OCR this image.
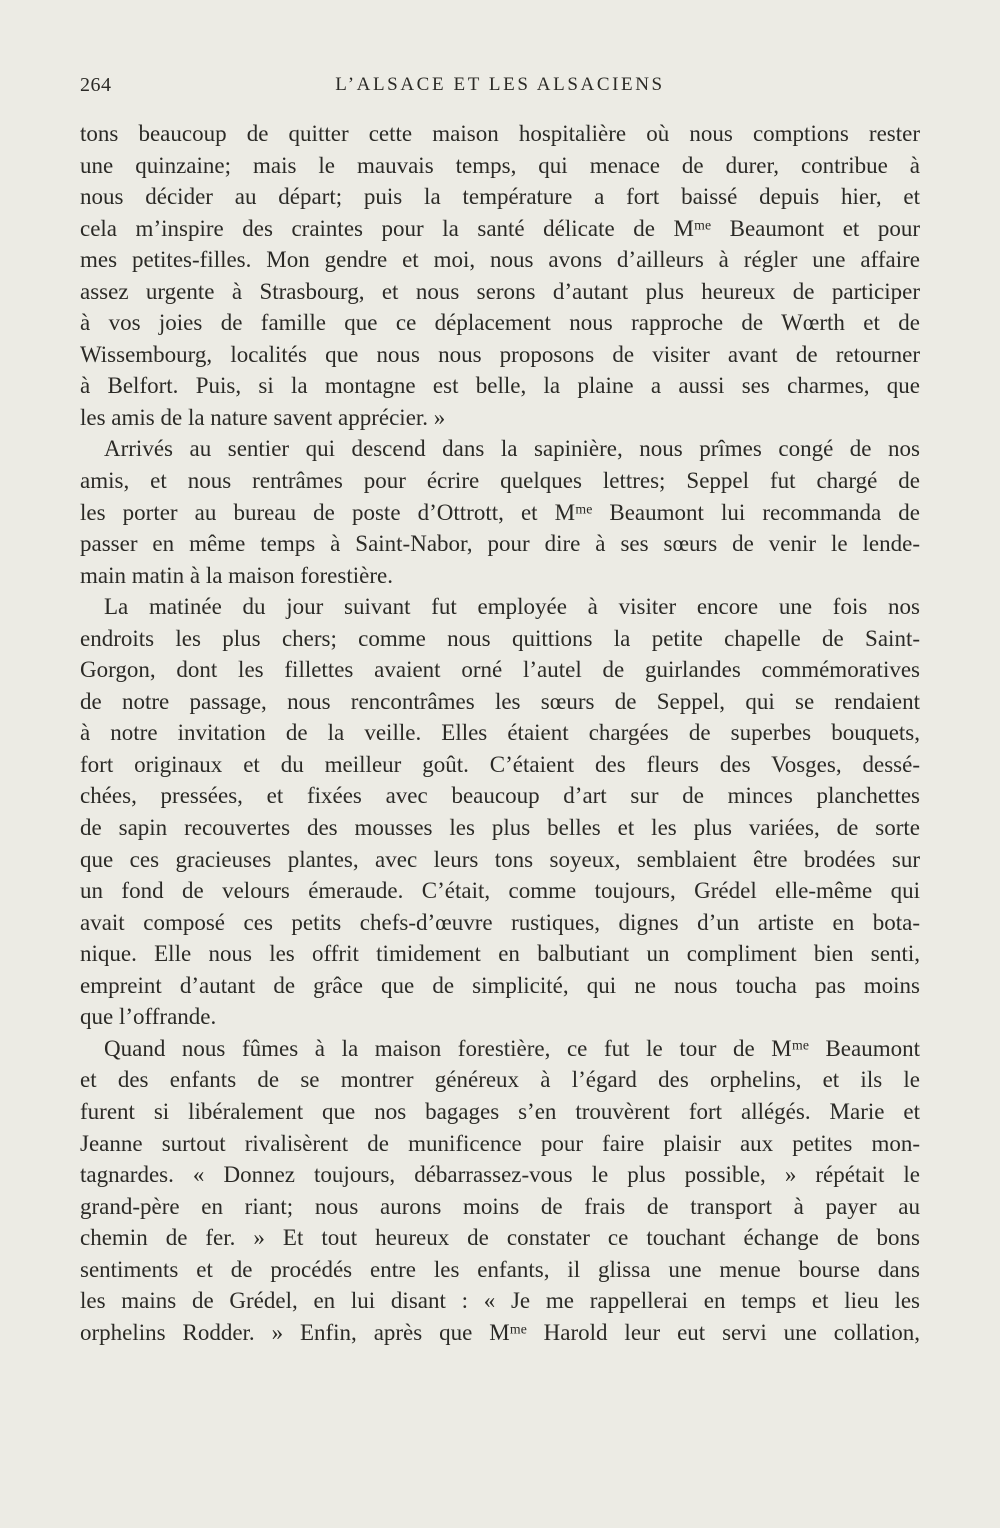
264	L’ALSACE ET LES ALSACIENS
tons beaucoup de quitter cette maison hospitalière où nous comptions rester
une quinzaine; mais le mauvais temps, qui menace de durer, contribue à
nous décider au départ; puis la température a fort baissé depuis hier, et
cela m’inspire des craintes pour la santé délicate de Mᵐᵉ Beaumont et pour
mes petites-filles. Mon gendre et moi, nous avons d’ailleurs à régler une affaire
assez urgente à Strasbourg, et nous serons d’autant plus heureux de participer
à vos joies de famille que ce déplacement nous rapproche de Wœrth et de
Wissembourg, localités que nous nous proposons de visiter avant de retourner
à Belfort. Puis, si la montagne est belle, la plaine a aussi ses charmes, que
les amis de la nature savent apprécier. »
Arrivés au sentier qui descend dans la sapinière, nous prîmes congé de nos
amis, et nous rentrâmes pour écrire quelques lettres; Seppel fut chargé de
les porter au bureau de poste d’Ottrott, et Mᵐᵉ Beaumont lui recommanda de
passer en même temps à Saint-Nabor, pour dire à ses sœurs de venir le lende-
main matin à la maison forestière.
La matinée du jour suivant fut employée à visiter encore une fois nos
endroits les plus chers; comme nous quittions la petite chapelle de Saint-
Gorgon, dont les fillettes avaient orné l’autel de guirlandes commémoratives
de notre passage, nous rencontrâmes les sœurs de Seppel, qui se rendaient
à notre invitation de la veille. Elles étaient chargées de superbes bouquets,
fort originaux et du meilleur goût. C’étaient des fleurs des Vosges, dessé-
chées, pressées, et fixées avec beaucoup d’art sur de minces planchettes
de sapin recouvertes des mousses les plus belles et les plus variées, de sorte
que ces gracieuses plantes, avec leurs tons soyeux, semblaient être brodées sur
un fond de velours émeraude. C’était, comme toujours, Grédel elle-même qui
avait composé ces petits chefs-d’œuvre rustiques, dignes d’un artiste en bota-
nique. Elle nous les offrit timidement en balbutiant un compliment bien senti,
empreint d’autant de grâce que de simplicité, qui ne nous toucha pas moins
que l’offrande.
Quand nous fûmes à la maison forestière, ce fut le tour de Mᵐᵉ Beaumont
et des enfants de se montrer généreux à l’égard des orphelins, et ils le
furent si libéralement que nos bagages s’en trouvèrent fort allégés. Marie et
Jeanne surtout rivalisèrent de munificence pour faire plaisir aux petites mon-
tagnardes. « Donnez toujours, débarrassez-vous le plus possible, » répétait le
grand-père en riant; nous aurons moins de frais de transport à payer au
chemin de fer. » Et tout heureux de constater ce touchant échange de bons
sentiments et de procédés entre les enfants, il glissa une menue bourse dans
les mains de Grédel, en lui disant : « Je me rappellerai en temps et lieu les
orphelins Rodder. » Enfin, après que Mᵐᵉ Harold leur eut servi une collation,
